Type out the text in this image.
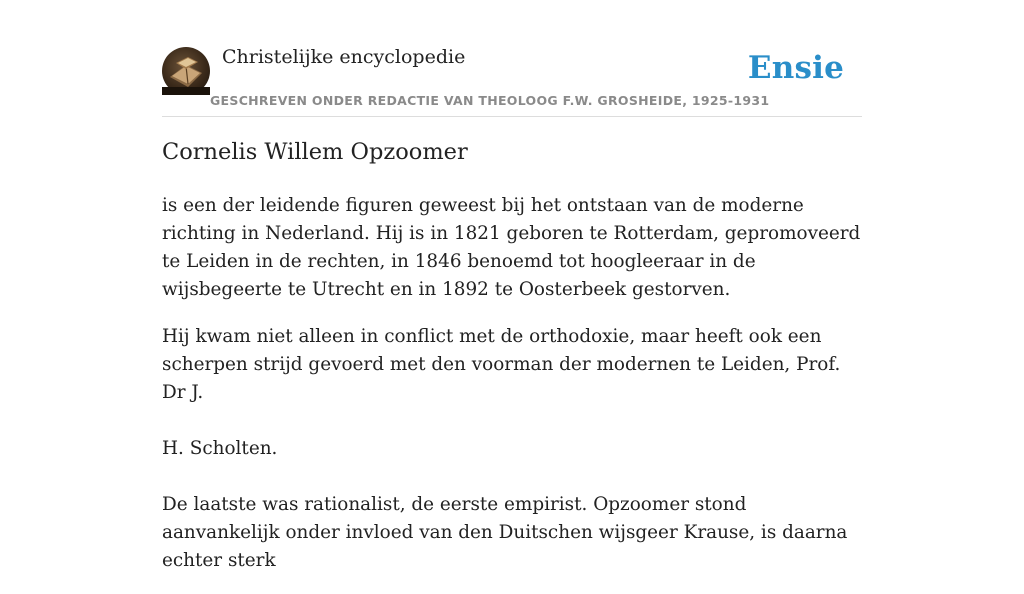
Christelijke encyclopedie
GESCHREVEN ONDER REDACTIE VAN THEOLOOG F.W. GROSHEIDE, 1925-1931
Ensie
Cornelis Willem Opzoomer

is een der leidende figuren geweest bij het ontstaan van de moderne richting in Nederland. Hij is in 1821 geboren te Rotterdam, gepromoveerd te Leiden in de rechten, in 1846 benoemd tot hoogleeraar in de wijsbegeerte te Utrecht en in 1892 te Oosterbeek gestorven.

Hij kwam niet alleen in conflict met de orthodoxie, maar heeft ook een scherpen strijd gevoerd met den voorman der modernen te Leiden, Prof. Dr J.

H. Scholten.

De laatste was rationalist, de eerste empirist. Opzoomer stond aanvankelijk onder invloed van den Duitschen wijsgeer Krause, is daarna echter sterk
